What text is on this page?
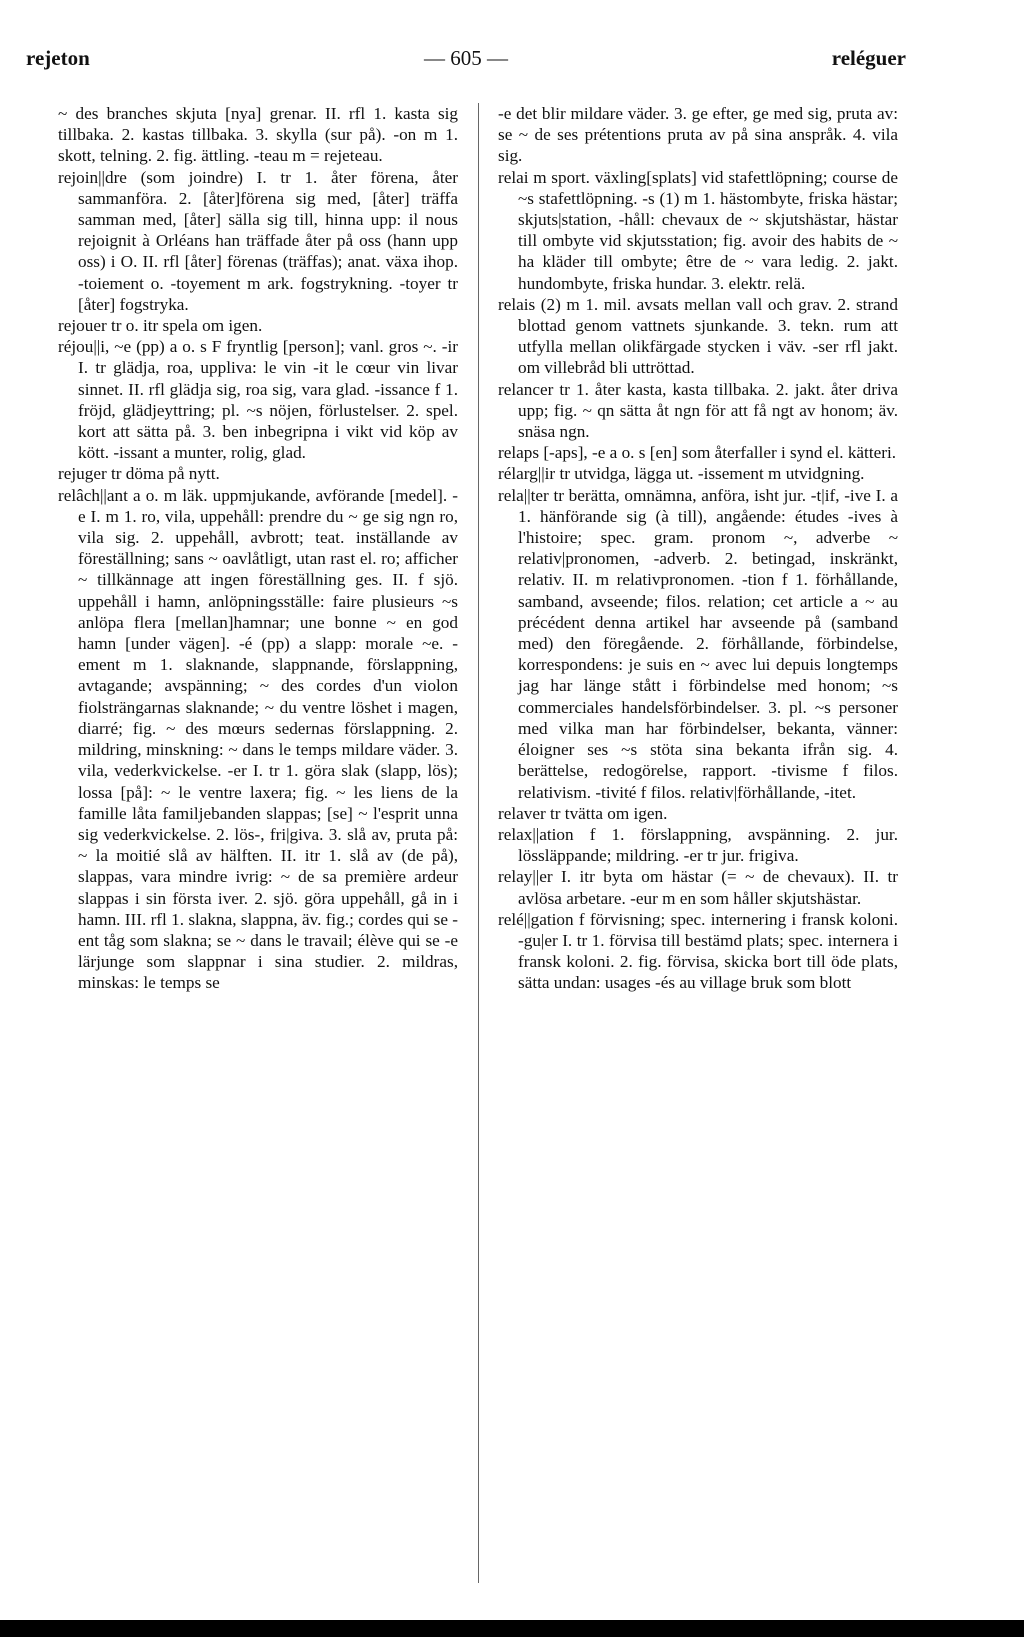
rejeton	— 605 —	reléguer

~ des branches skjuta [nya] grenar. II. rfl 1. kasta sig tillbaka. 2. kastas tillbaka. 3. skylla (sur på). -on m 1. skott, telning. 2. fig. ättling. -teau m = rejeteau.

rejoin||dre (som joindre) I. tr 1. åter förena, åter sammanföra. 2. [åter]förena sig med, [åter] träffa samman med, [åter] sälla sig till, hinna upp: il nous rejoignit à Orléans han träffade åter på oss (hann upp oss) i O. II. rfl [åter] förenas (träffas); anat. växa ihop. -toiement o. -toyement m ark. fogstrykning. -toyer tr [åter] fogstryka.

rejouer tr o. itr spela om igen.

réjou||i, ~e (pp) a o. s F fryntlig [person]; vanl. gros ~. -ir I. tr glädja, roa, uppliva: le vin -it le cœur vin livar sinnet. II. rfl glädja sig, roa sig, vara glad. -issance f 1. fröjd, glädjeyttring; pl. ~s nöjen, förlustelser. 2. spel. kort att sätta på. 3. ben inbegripna i vikt vid köp av kött. -issant a munter, rolig, glad.

rejuger tr döma på nytt.

relâch||ant a o. m läk. uppmjukande, avförande [medel]. -e I. m 1. ro, vila, uppehåll: prendre du ~ ge sig ngn ro, vila sig. 2. uppehåll, avbrott; teat. inställande av föreställning; sans ~ oavlåtligt, utan rast el. ro; afficher ~ tillkännage att ingen föreställning ges. II. f sjö. uppehåll i hamn, anlöpningsställe: faire plusieurs ~s anlöpa flera [mellan]hamnar; une bonne ~ en god hamn [under vägen]. -é (pp) a slapp: morale ~e. -ement m 1. slaknande, slappnande, förslappning, avtagande; avspänning; ~ des cordes d'un violon fiolsträngarnas slaknande; ~ du ventre löshet i magen, diarré; fig. ~ des mœurs sedernas förslappning. 2. mildring, minskning: ~ dans le temps mildare väder. 3. vila, vederkvickelse. -er I. tr 1. göra slak (slapp, lös); lossa [på]: ~ le ventre laxera; fig. ~ les liens de la famille låta familjebanden slappas; [se] ~ l'esprit unna sig vederkvickelse. 2. lös-, fri|giva. 3. slå av, pruta på: ~ la moitié slå av hälften. II. itr 1. slå av (de på), slappas, vara mindre ivrig: ~ de sa première ardeur slappas i sin första iver. 2. sjö. göra uppehåll, gå in i hamn. III. rfl 1. slakna, slappna, äv. fig.; cordes qui se -ent tåg som slakna; se ~ dans le travail; élève qui se -e lärjunge som slappnar i sina studier. 2. mildras, minskas: le temps se

-e det blir mildare väder. 3. ge efter, ge med sig, pruta av: se ~ de ses prétentions pruta av på sina anspråk. 4. vila sig.

relai m sport. växling[splats] vid stafettlöpning; course de ~s stafettlöpning. -s (1) m 1. hästombyte, friska hästar; skjuts|station, -håll: chevaux de ~ skjutshästar, hästar till ombyte vid skjutsstation; fig. avoir des habits de ~ ha kläder till ombyte; être de ~ vara ledig. 2. jakt. hundombyte, friska hundar. 3. elektr. relä.

relais (2) m 1. mil. avsats mellan vall och grav. 2. strand blottad genom vattnets sjunkande. 3. tekn. rum att utfylla mellan olikfärgade stycken i väv. -ser rfl jakt. om villebråd bli uttröttad.

relancer tr 1. åter kasta, kasta tillbaka. 2. jakt. åter driva upp; fig. ~ qn sätta åt ngn för att få ngt av honom; äv. snäsa ngn.

relaps [-aps], -e a o. s [en] som återfaller i synd el. kätteri.

rélarg||ir tr utvidga, lägga ut. -issement m utvidgning.

rela||ter tr berätta, omnämna, anföra, isht jur. -t|if, -ive I. a 1. hänförande sig (à till), angående: études -ives à l'histoire; spec. gram. pronom ~, adverbe ~ relativ|pronomen, -adverb. 2. betingad, inskränkt, relativ. II. m relativpronomen. -tion f 1. förhållande, samband, avseende; filos. relation; cet article a ~ au précédent denna artikel har avseende på (samband med) den föregående. 2. förhållande, förbindelse, korrespondens: je suis en ~ avec lui depuis longtemps jag har länge stått i förbindelse med honom; ~s commerciales handelsförbindelser. 3. pl. ~s personer med vilka man har förbindelser, bekanta, vänner: éloigner ses ~s stöta sina bekanta ifrån sig. 4. berättelse, redogörelse, rapport. -tivisme f filos. relativism. -tivité f filos. relativ|förhållande, -itet.

relaver tr tvätta om igen.

relax||ation f 1. förslappning, avspänning. 2. jur. lössläppande; mildring. -er tr jur. frigiva.

relay||er I. itr byta om hästar (= ~ de chevaux). II. tr avlösa arbetare. -eur m en som håller skjutshästar.

relé||gation f förvisning; spec. internering i fransk koloni. -gu|er I. tr 1. förvisa till bestämd plats; spec. internera i fransk koloni. 2. fig. förvisa, skicka bort till öde plats, sätta undan: usages -és au village bruk som blott
